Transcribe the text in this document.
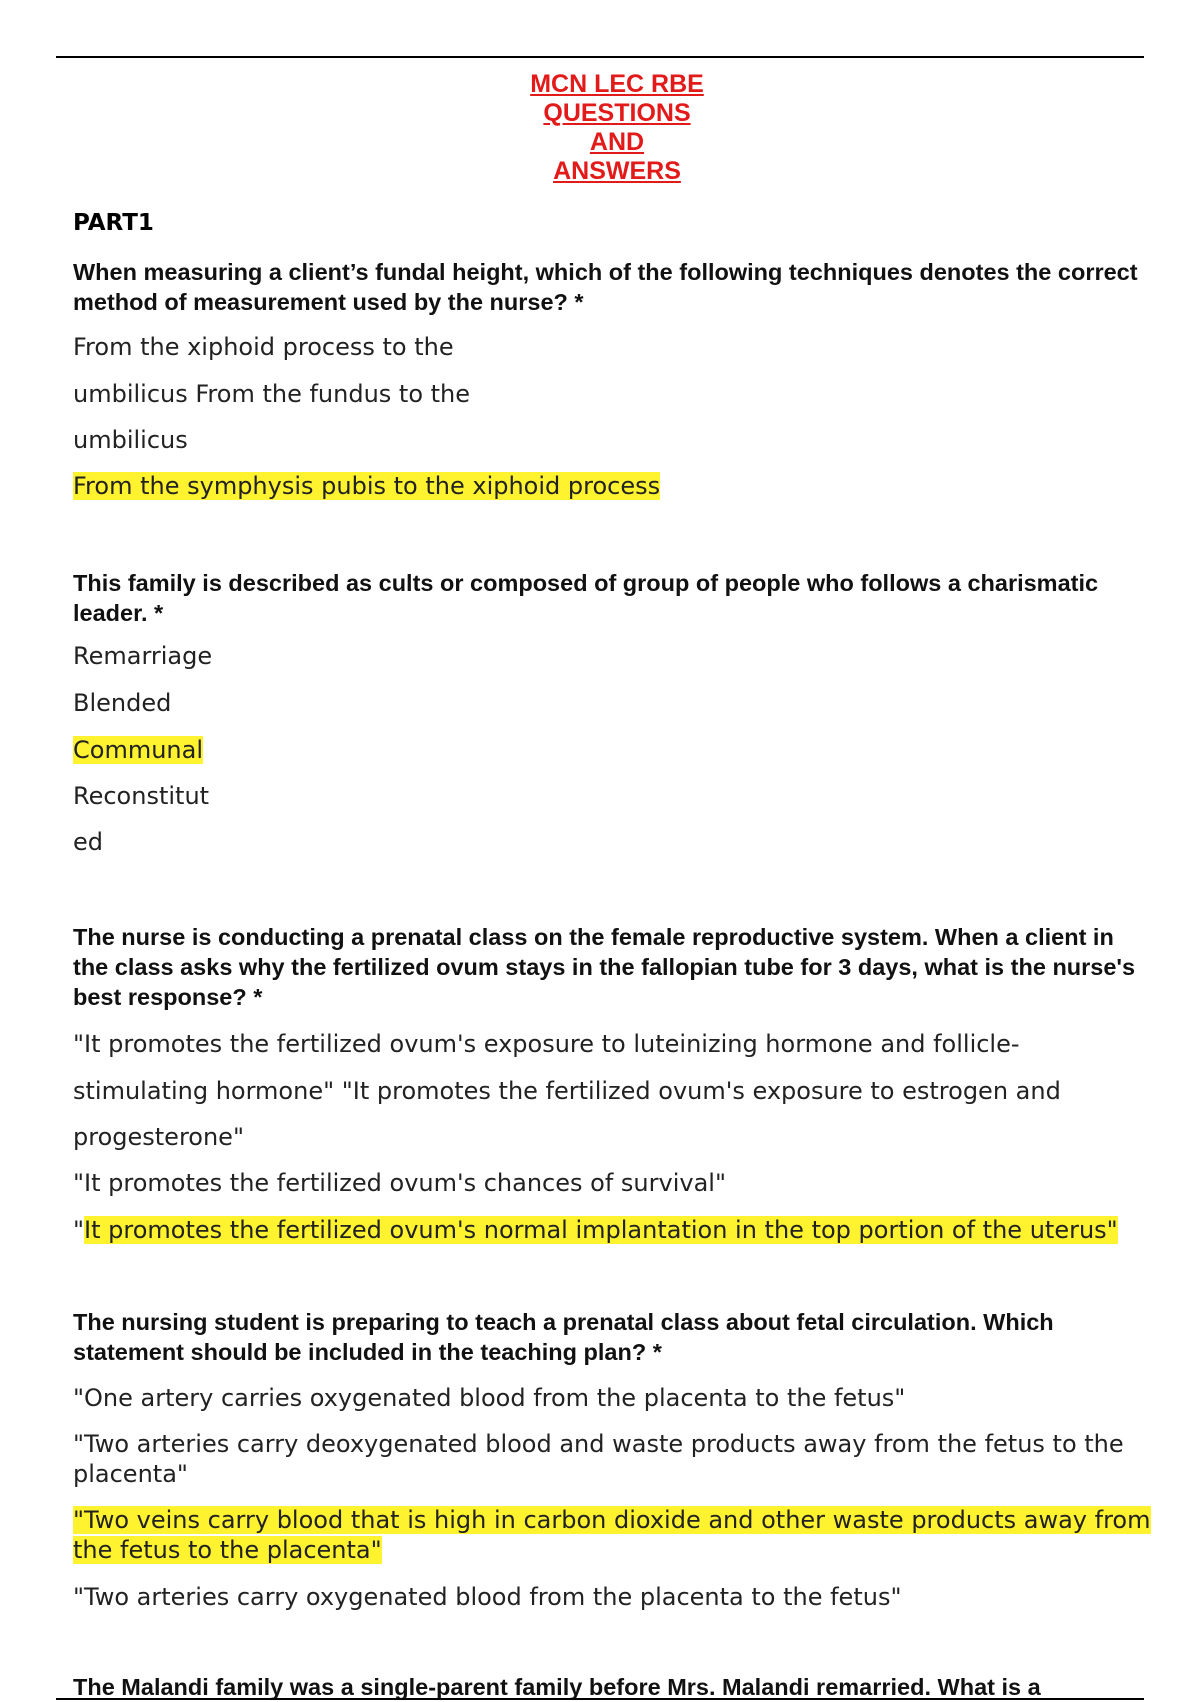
MCN LEC RBE
QUESTIONS
AND
ANSWERS
PART1
When measuring a client’s fundal height, which of the following techniques denotes the correct method of measurement used by the nurse? *
From the xiphoid process to the
umbilicus From the fundus to the
umbilicus
From the symphysis pubis to the xiphoid process
This family is described as cults or composed of group of people who follows a charismatic leader. *
Remarriage
Blended
Communal
Reconstitut
ed
The nurse is conducting a prenatal class on the female reproductive system. When a client in the class asks why the fertilized ovum stays in the fallopian tube for 3 days, what is the nurse's best response? *
"It promotes the fertilized ovum's exposure to luteinizing hormone and follicle-
stimulating hormone" "It promotes the fertilized ovum's exposure to estrogen and
progesterone"
"It promotes the fertilized ovum's chances of survival"
"It promotes the fertilized ovum's normal implantation in the top portion of the uterus"
The nursing student is preparing to teach a prenatal class about fetal circulation. Which statement should be included in the teaching plan? *
"One artery carries oxygenated blood from the placenta to the fetus"
"Two arteries carry deoxygenated blood and waste products away from the fetus to the placenta"
"Two veins carry blood that is high in carbon dioxide and other waste products away from the fetus to the placenta"
"Two arteries carry oxygenated blood from the placenta to the fetus"
The Malandi family was a single-parent family before Mrs. Malandi remarried. What is a
